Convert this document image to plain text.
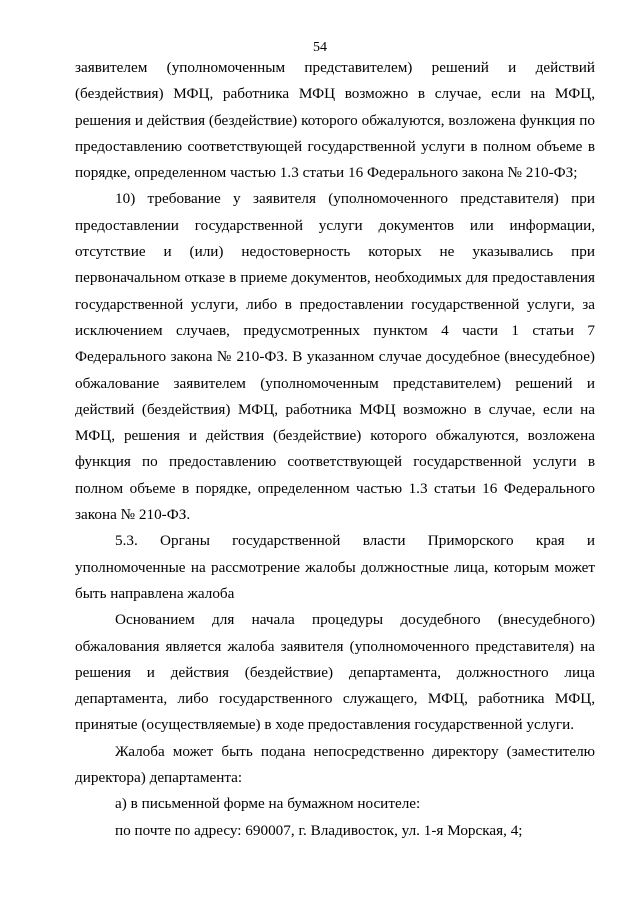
54

заявителем (уполномоченным представителем) решений и действий (бездействия) МФЦ, работника МФЦ возможно в случае, если на МФЦ, решения и действия (бездействие) которого обжалуются, возложена функция по предоставлению соответствующей государственной услуги в полном объеме в порядке, определенном частью 1.3 статьи 16 Федерального закона № 210-ФЗ;

10) требование у заявителя (уполномоченного представителя) при предоставлении государственной услуги документов или информации, отсутствие и (или) недостоверность которых не указывались при первоначальном отказе в приеме документов, необходимых для предоставления государственной услуги, либо в предоставлении государственной услуги, за исключением случаев, предусмотренных пунктом 4 части 1 статьи 7 Федерального закона № 210-ФЗ. В указанном случае досудебное (внесудебное) обжалование заявителем (уполномоченным представителем) решений и действий (бездействия) МФЦ, работника МФЦ возможно в случае, если на МФЦ, решения и действия (бездействие) которого обжалуются, возложена функция по предоставлению соответствующей государственной услуги в полном объеме в порядке, определенном частью 1.3 статьи 16 Федерального закона № 210-ФЗ.

5.3. Органы государственной власти Приморского края и уполномоченные на рассмотрение жалобы должностные лица, которым может быть направлена жалоба

Основанием для начала процедуры досудебного (внесудебного) обжалования является жалоба заявителя (уполномоченного представителя) на решения и действия (бездействие) департамента, должностного лица департамента, либо государственного служащего, МФЦ, работника МФЦ, принятые (осуществляемые) в ходе предоставления государственной услуги.

Жалоба может быть подана непосредственно директору (заместителю директора) департамента:

а) в письменной форме на бумажном носителе:

по почте по адресу: 690007, г. Владивосток, ул. 1-я Морская, 4;
